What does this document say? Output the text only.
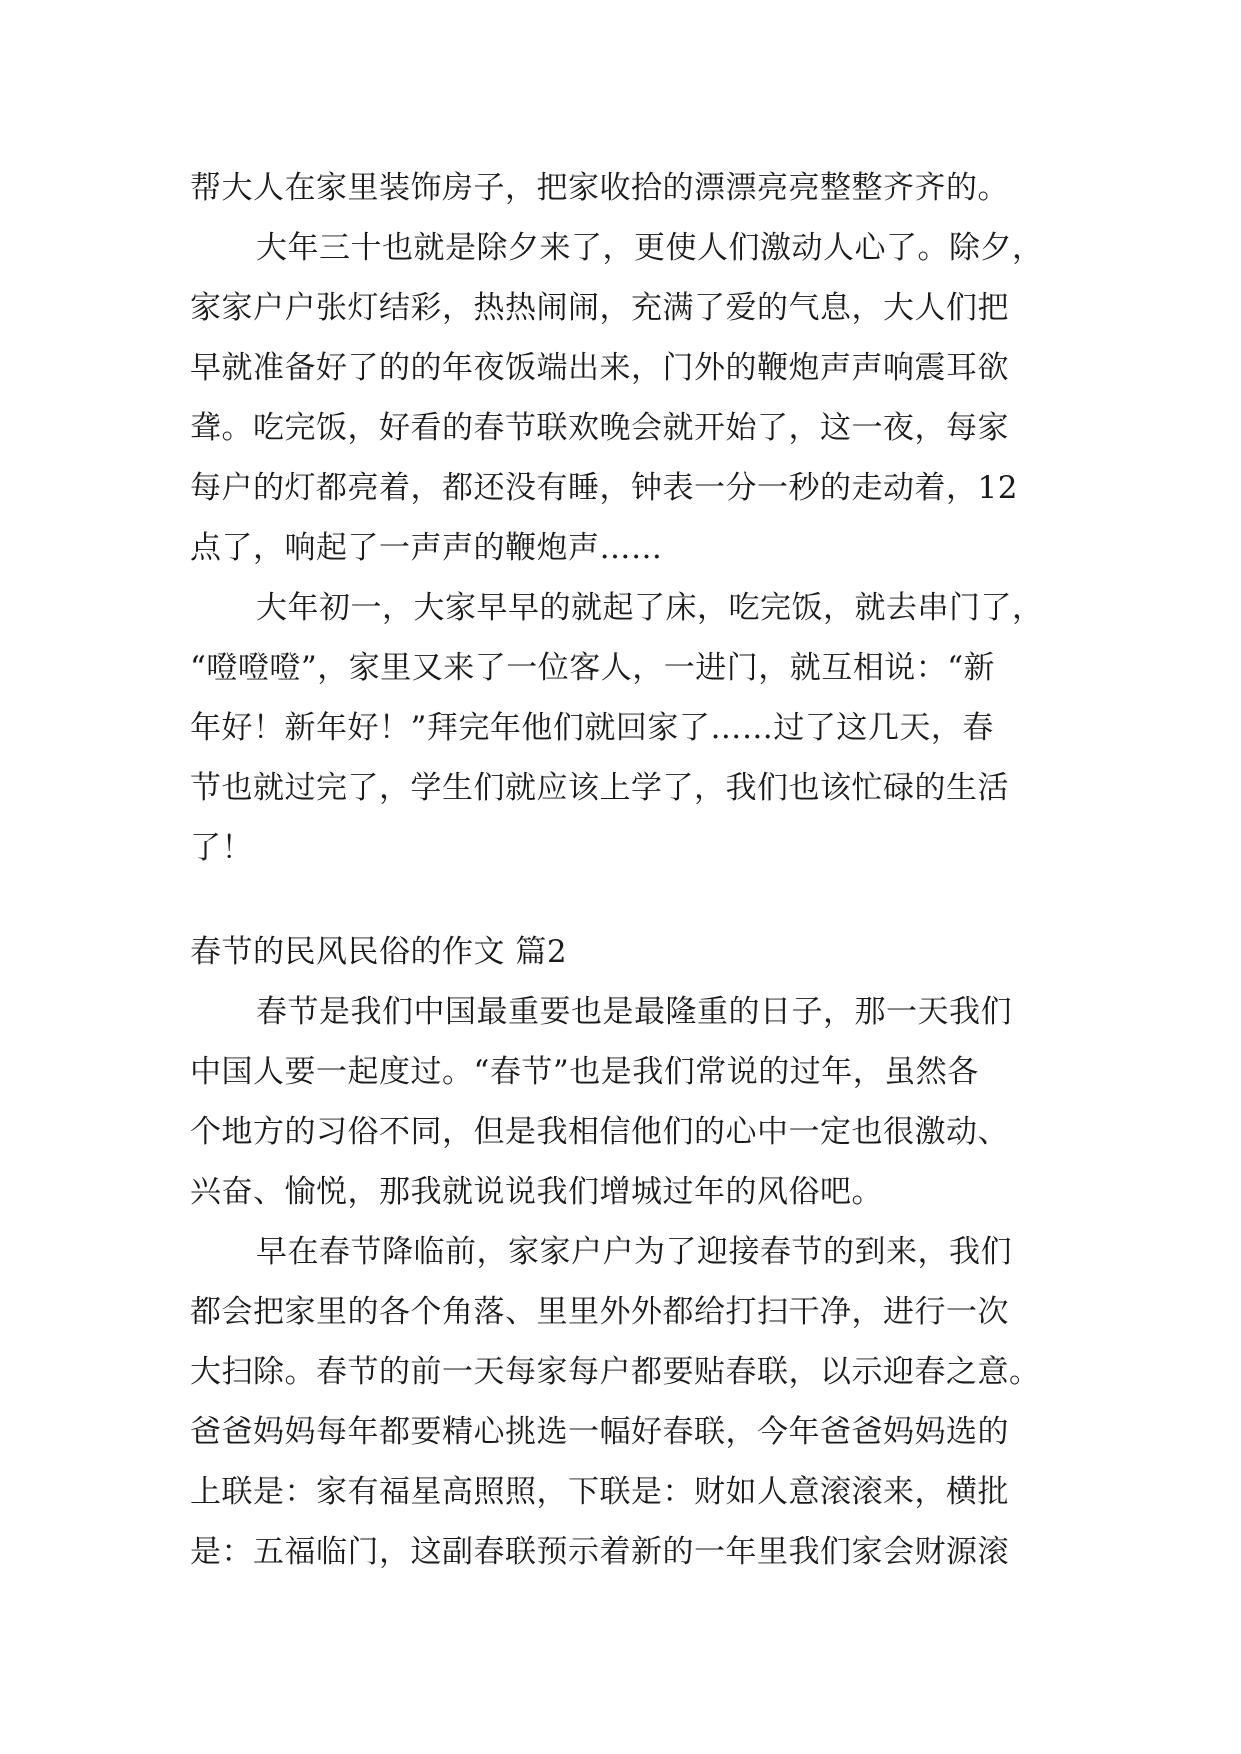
帮大人在家里装饰房子，把家收拾的漂漂亮亮整整齐齐的。
大年三十也就是除夕来了，更使人们激动人心了。除夕，
家家户户张灯结彩，热热闹闹，充满了爱的气息，大人们把
早就准备好了的的年夜饭端出来，门外的鞭炮声声响震耳欲
聋。吃完饭，好看的春节联欢晚会就开始了，这一夜，每家
每户的灯都亮着，都还没有睡，钟表一分一秒的走动着，12
点了，响起了一声声的鞭炮声……
大年初一，大家早早的就起了床，吃完饭，就去串门了，
“噔噔噔”，家里又来了一位客人，一进门，就互相说：“新
年好！新年好！”拜完年他们就回家了……过了这几天，春
节也就过完了，学生们就应该上学了，我们也该忙碌的生活
了！
春节的民风民俗的作文 篇2
春节是我们中国最重要也是最隆重的日子，那一天我们
中国人要一起度过。“春节”也是我们常说的过年，虽然各
个地方的习俗不同，但是我相信他们的心中一定也很激动、
兴奋、愉悦，那我就说说我们增城过年的风俗吧。
早在春节降临前，家家户户为了迎接春节的到来，我们
都会把家里的各个角落、里里外外都给打扫干净，进行一次
大扫除。春节的前一天每家每户都要贴春联，以示迎春之意。
爸爸妈妈每年都要精心挑选一幅好春联，今年爸爸妈妈选的
上联是：家有福星高照照，下联是：财如人意滚滚来，横批
是：五福临门，这副春联预示着新的一年里我们家会财源滚
